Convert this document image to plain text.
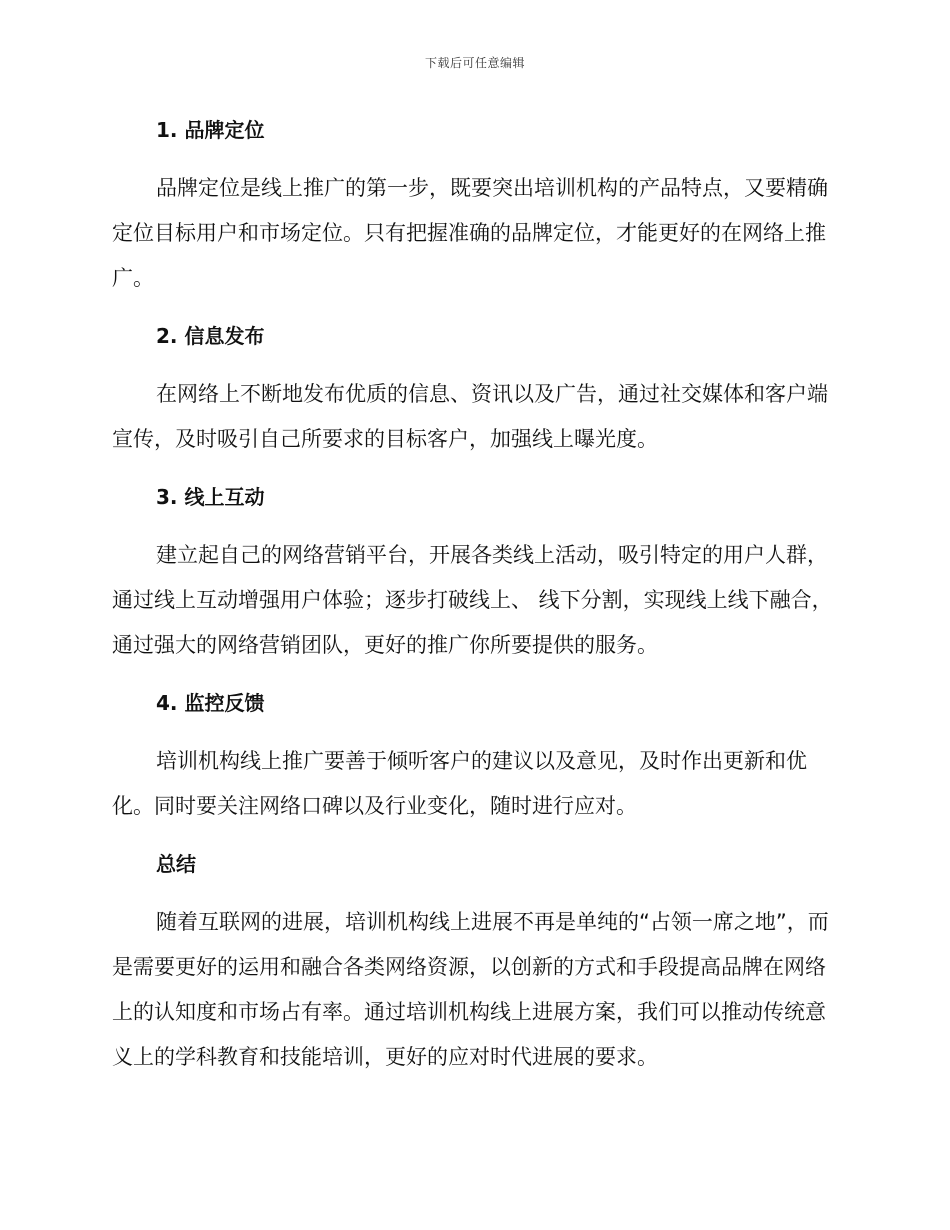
下载后可任意编辑
1. 品牌定位

品牌定位是线上推广的第一步，既要突出培训机构的产品特点，又要精确定位目标用户和市场定位。只有把握准确的品牌定位，才能更好的在网络上推广。

2. 信息发布

在网络上不断地发布优质的信息、资讯以及广告，通过社交媒体和客户端宣传，及时吸引自己所要求的目标客户，加强线上曝光度。

3. 线上互动

建立起自己的网络营销平台，开展各类线上活动，吸引特定的用户人群，通过线上互动增强用户体验；逐步打破线上、 线下分割，实现线上线下融合，通过强大的网络营销团队，更好的推广你所要提供的服务。

4. 监控反馈

培训机构线上推广要善于倾听客户的建议以及意见，及时作出更新和优化。同时要关注网络口碑以及行业变化，随时进行应对。

总结

随着互联网的进展，培训机构线上进展不再是单纯的“占领一席之地”，而是需要更好的运用和融合各类网络资源，以创新的方式和手段提高品牌在网络上的认知度和市场占有率。通过培训机构线上进展方案，我们可以推动传统意义上的学科教育和技能培训，更好的应对时代进展的要求。
